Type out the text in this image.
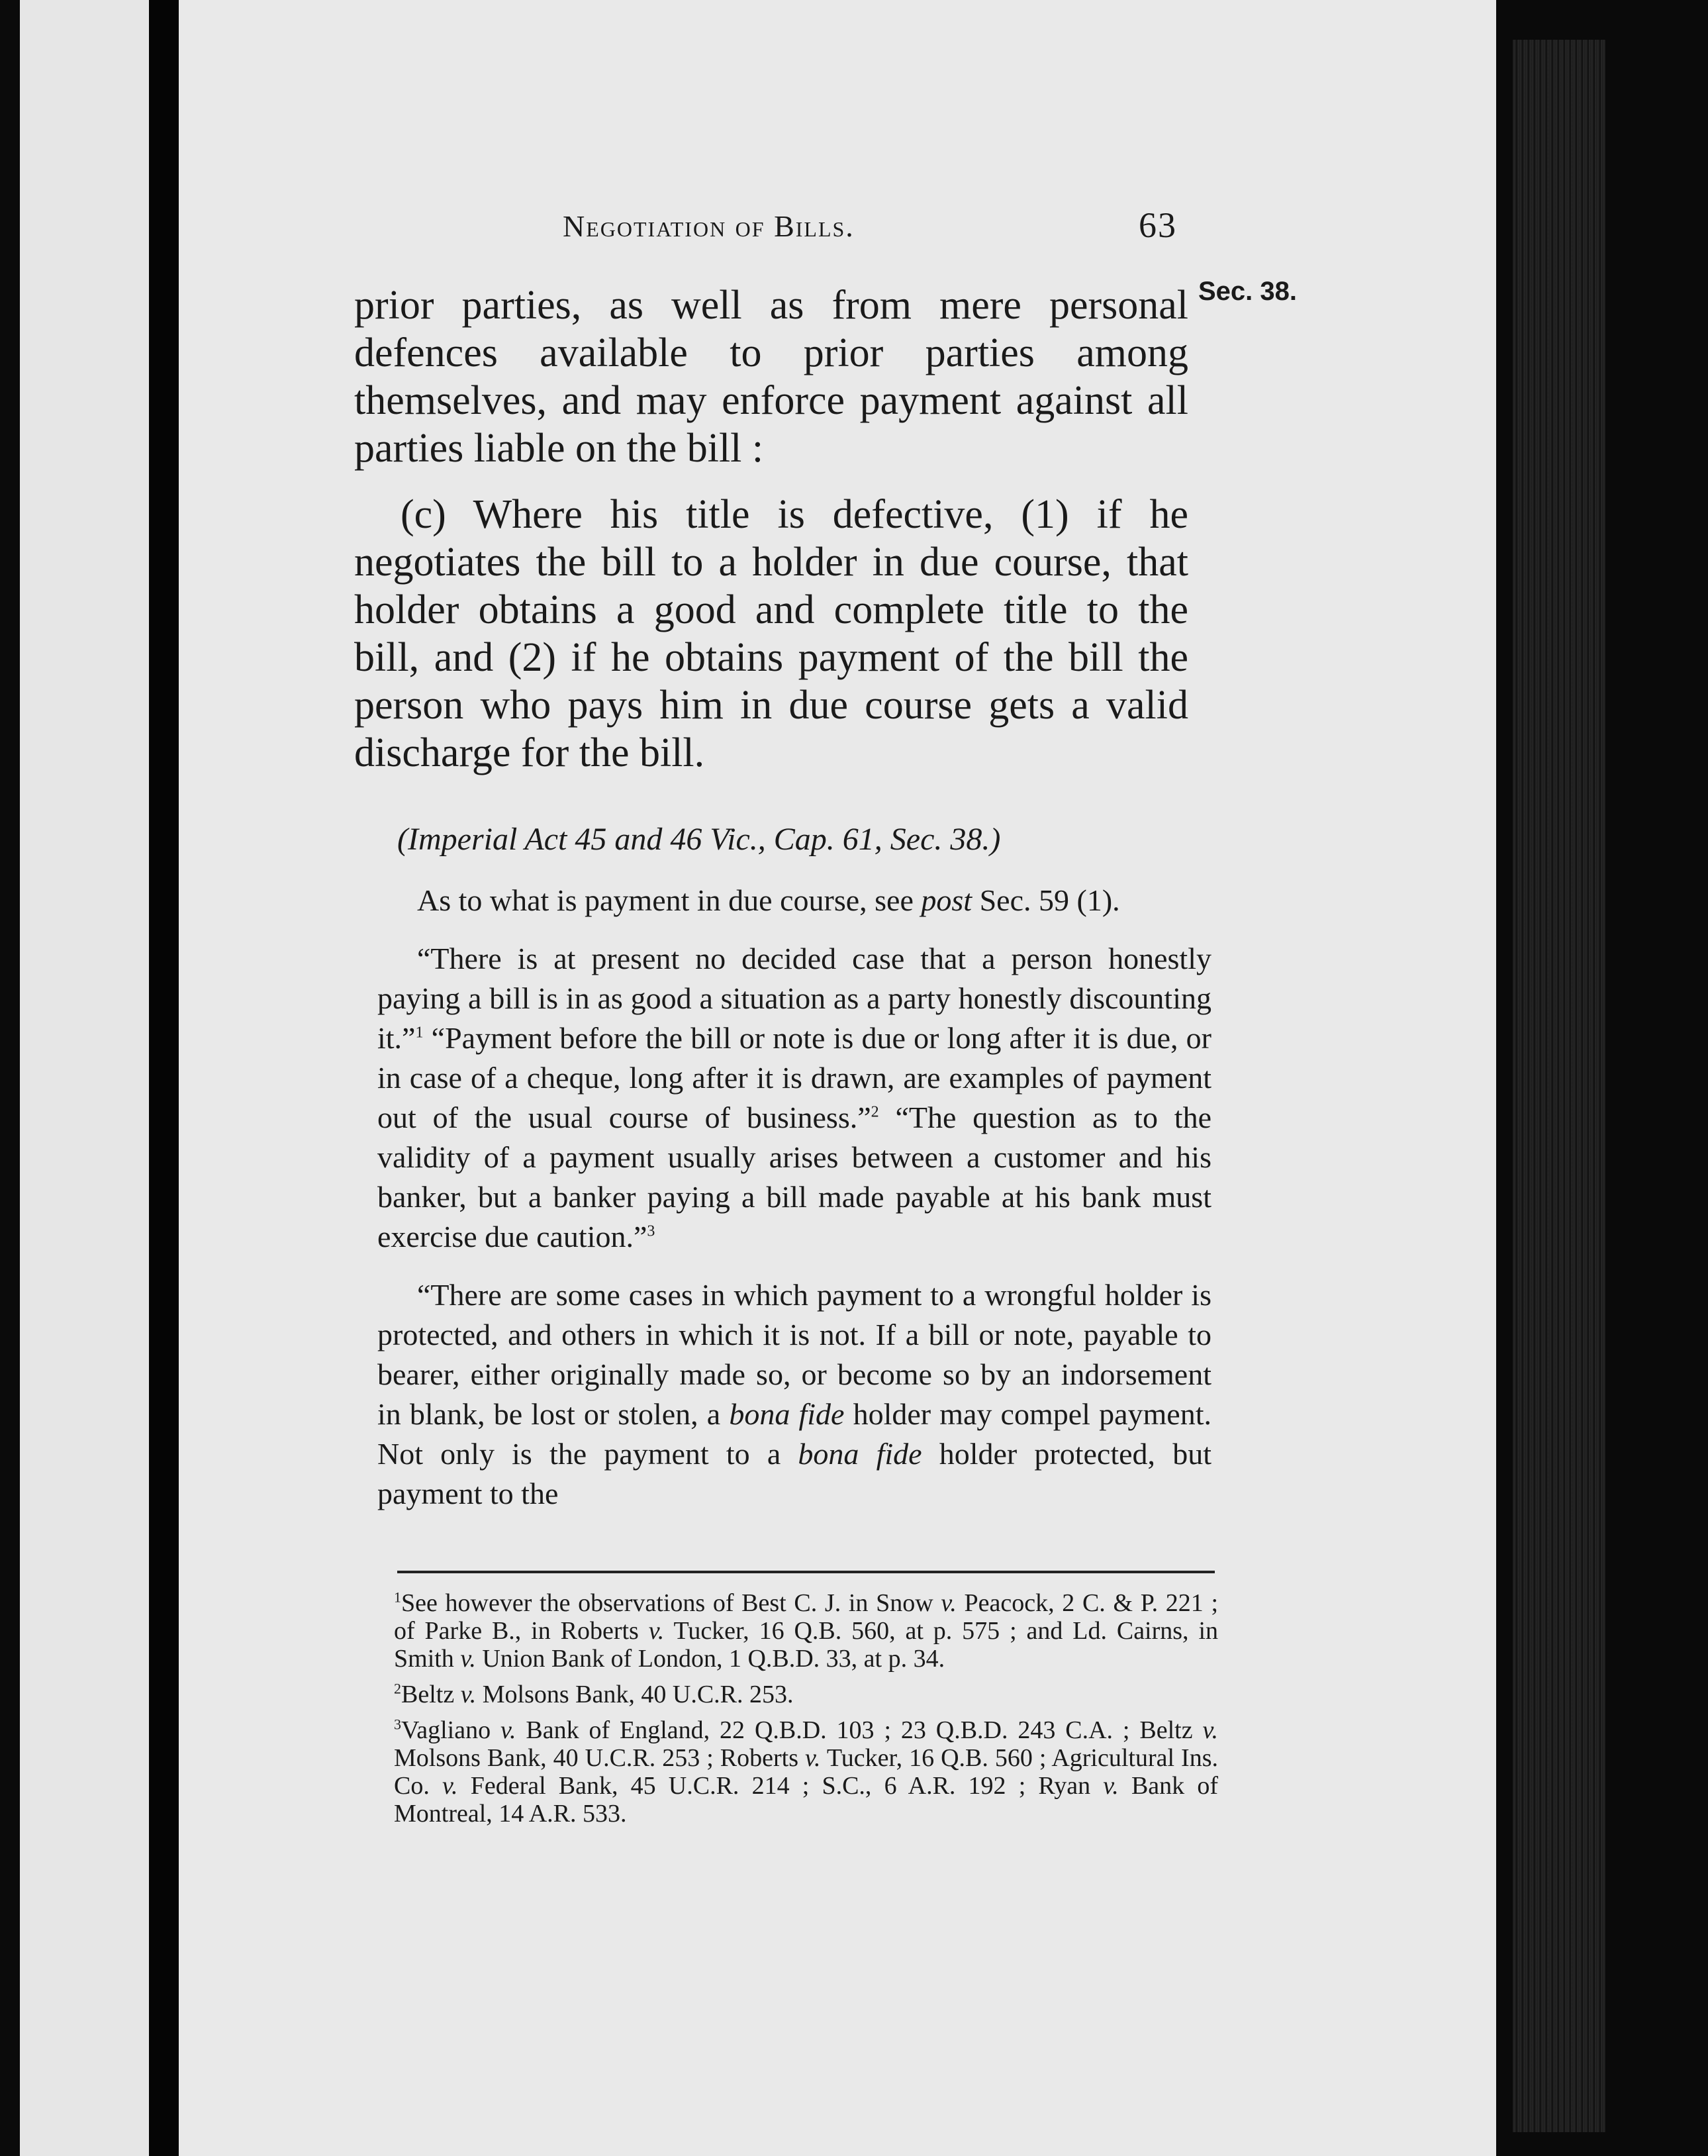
Negotiation of Bills.	63
Sec. 38.

prior parties, as well as from mere personal defences available to prior parties among themselves, and may enforce payment against all parties liable on the bill :

(c) Where his title is defective, (1) if he negotiates the bill to a holder in due course, that holder obtains a good and complete title to the bill, and (2) if he obtains payment of the bill the person who pays him in due course gets a valid discharge for the bill.

(Imperial Act 45 and 46 Vic., Cap. 61, Sec. 38.)

As to what is payment in due course, see post Sec. 59 (1).

“There is at present no decided case that a person honestly paying a bill is in as good a situation as a party honestly discounting it.”$^1$ “Payment before the bill or note is due or long after it is due, or in case of a cheque, long after it is drawn, are examples of payment out of the usual course of business.”$^2$ “The question as to the validity of a payment usually arises between a customer and his banker, but a banker paying a bill made payable at his bank must exercise due caution.”$^3$

“There are some cases in which payment to a wrongful holder is protected, and others in which it is not. If a bill or note, payable to bearer, either originally made so, or become so by an indorsement in blank, be lost or stolen, a bona fide holder may compel payment. Not only is the payment to a bona fide holder protected, but payment to the

$^1$See however the observations of Best C. J. in Snow v. Peacock, 2 C. & P. 221 ; of Parke B., in Roberts v. Tucker, 16 Q.B. 560, at p. 575 ; and Ld. Cairns, in Smith v. Union Bank of London, 1 Q.B.D. 33, at p. 34.

$^2$Beltz v. Molsons Bank, 40 U.C.R. 253.

$^3$Vagliano v. Bank of England, 22 Q.B.D. 103 ; 23 Q.B.D. 243 C.A. ; Beltz v. Molsons Bank, 40 U.C.R. 253 ; Roberts v. Tucker, 16 Q.B. 560 ; Agricultural Ins. Co. v. Federal Bank, 45 U.C.R. 214 ; S.C., 6 A.R. 192 ; Ryan v. Bank of Montreal, 14 A.R. 533.
